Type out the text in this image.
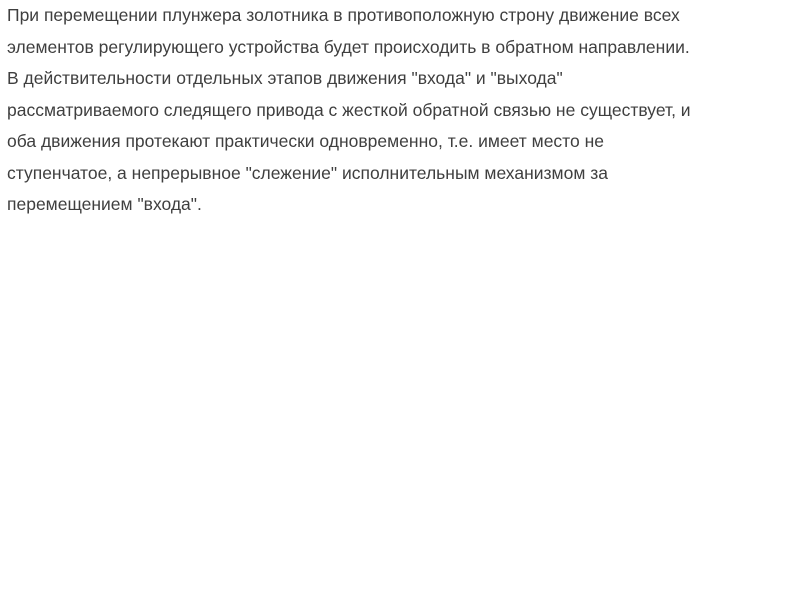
При перемещении плунжера золотника в противоположную строну движение всех
элементов регулирующего устройства будет происходить в обратном направлении.
В действительности отдельных этапов движения "входа" и "выхода"
рассматриваемого следящего привода с жесткой обратной связью не существует, и
оба движения протекают практически одновременно, т.е. имеет место не
ступенчатое, а непрерывное "слежение" исполнительным механизмом за
перемещением "входа".
